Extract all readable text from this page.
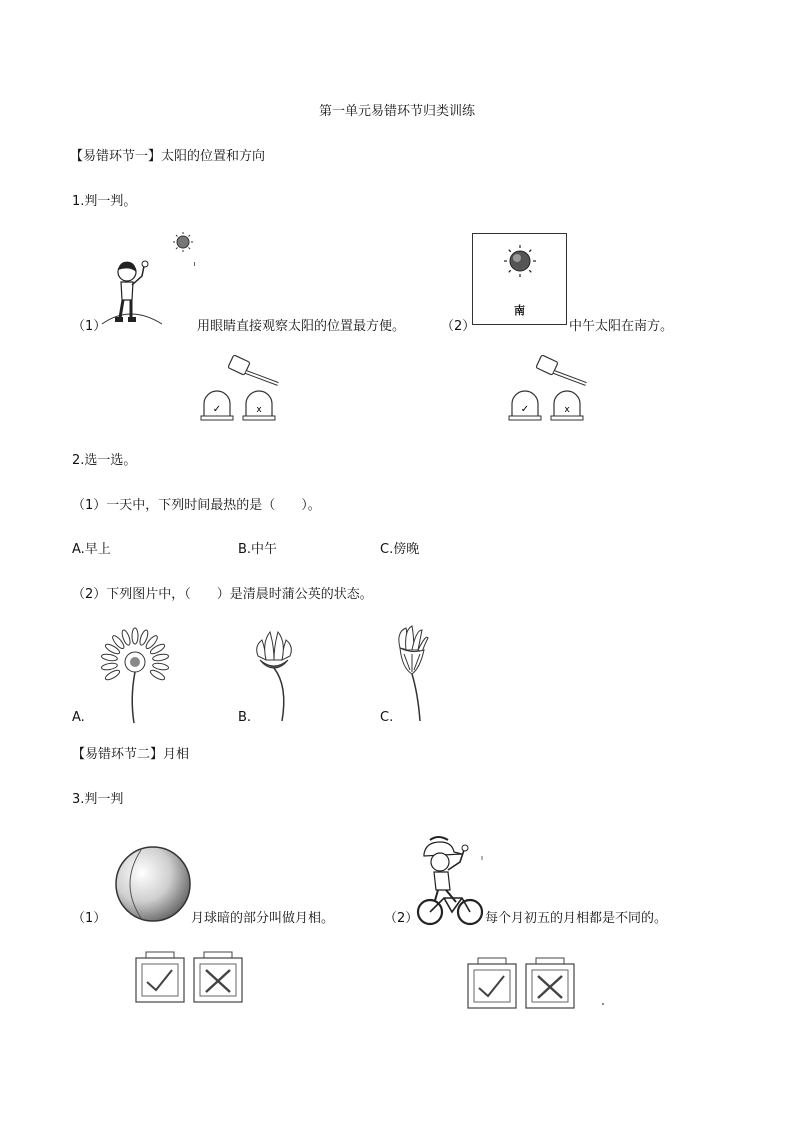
第一单元易错环节归类训练
【易错环节一】太阳的位置和方向
1.判一判。
（1）	用眼睛直接观察太阳的位置最方便。	（2）
南
中午太阳在南方。
✓	x	✓	x
2.选一选。
（1）一天中，下列时间最热的是（　　）。
A.早上	B.中午	C.傍晚
（2）下列图片中，（　　）是清晨时蒲公英的状态。
A.	B.	C.
【易错环节二】月相
3.判一判
（1）	月球暗的部分叫做月相。	（2）	每个月初五的月相都是不同的。
